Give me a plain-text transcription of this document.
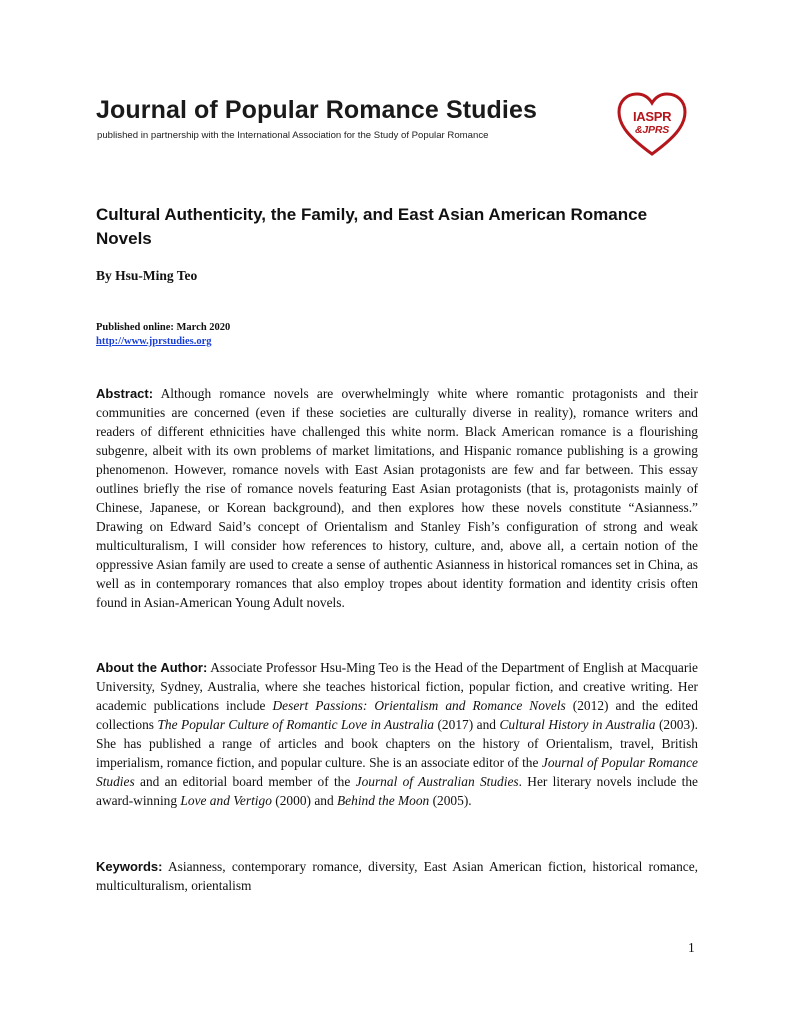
Journal of Popular Romance Studies
published in partnership with the International Association for the Study of Popular Romance
IASPR
&JPRS
Cultural Authenticity, the Family, and East Asian American Romance Novels
By Hsu-Ming Teo
Published online: March 2020
http://www.jprstudies.org
Abstract: Although romance novels are overwhelmingly white where romantic protagonists and their communities are concerned (even if these societies are culturally diverse in reality), romance writers and readers of different ethnicities have challenged this white norm. Black American romance is a flourishing subgenre, albeit with its own problems of market limitations, and Hispanic romance publishing is a growing phenomenon. However, romance novels with East Asian protagonists are few and far between. This essay outlines briefly the rise of romance novels featuring East Asian protagonists (that is, protagonists mainly of Chinese, Japanese, or Korean background), and then explores how these novels constitute “Asianness.” Drawing on Edward Said’s concept of Orientalism and Stanley Fish’s configuration of strong and weak multiculturalism, I will consider how references to history, culture, and, above all, a certain notion of the oppressive Asian family are used to create a sense of authentic Asianness in historical romances set in China, as well as in contemporary romances that also employ tropes about identity formation and identity crisis often found in Asian-American Young Adult novels.
About the Author: Associate Professor Hsu-Ming Teo is the Head of the Department of English at Macquarie University, Sydney, Australia, where she teaches historical fiction, popular fiction, and creative writing. Her academic publications include Desert Passions: Orientalism and Romance Novels (2012) and the edited collections The Popular Culture of Romantic Love in Australia (2017) and Cultural History in Australia (2003). She has published a range of articles and book chapters on the history of Orientalism, travel, British imperialism, romance fiction, and popular culture. She is an associate editor of the Journal of Popular Romance Studies and an editorial board member of the Journal of Australian Studies. Her literary novels include the award-winning Love and Vertigo (2000) and Behind the Moon (2005).
Keywords: Asianness, contemporary romance, diversity, East Asian American fiction, historical romance, multiculturalism, orientalism
1
